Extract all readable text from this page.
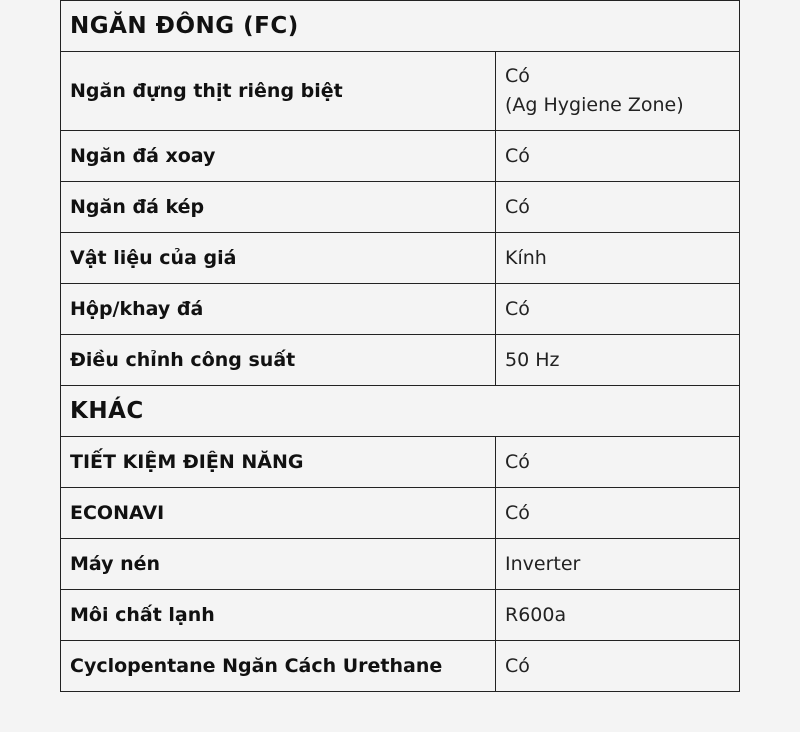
NGĂN ĐÔNG (FC)	
Ngăn đựng thịt riêng biệt	Có
(Ag Hygiene Zone)

Ngăn đá xoay	Có
Ngăn đá kép	Có
Vật liệu của giá	Kính
Hộp/khay đá	Có
Điều chỉnh công suất	50 Hz
KHÁC	
TIẾT KIỆM ĐIỆN NĂNG	Có
ECONAVI	Có
Máy nén	Inverter
Môi chất lạnh	R600a
Cyclopentane Ngăn Cách Urethane	Có
